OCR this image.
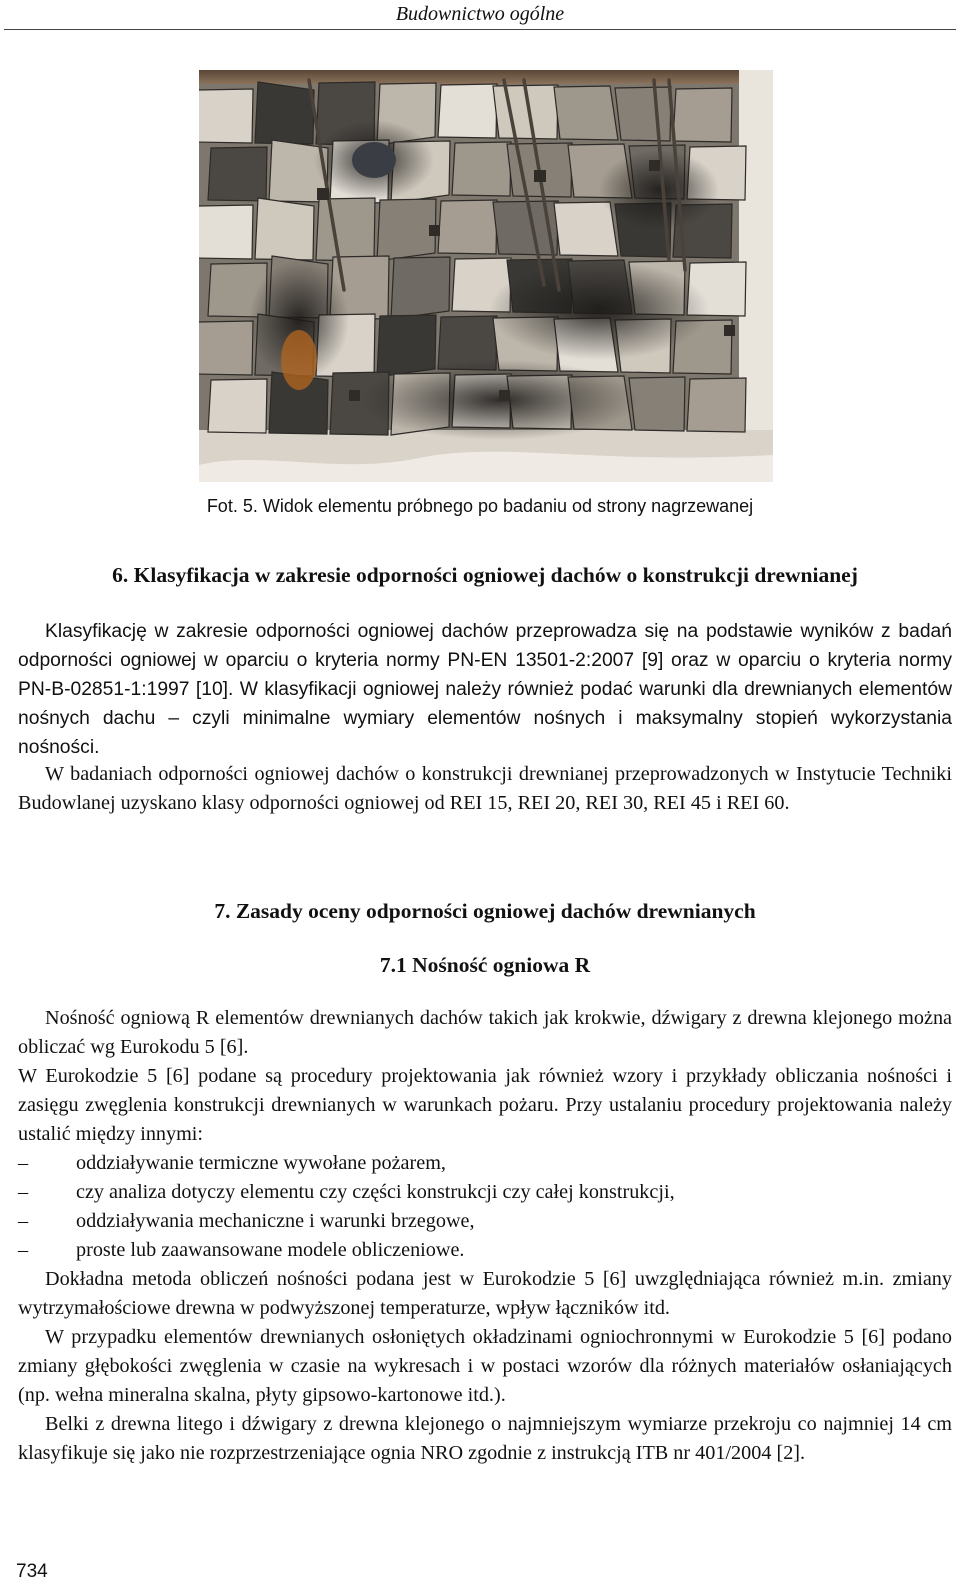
Budownictwo ogólne
Fot. 5. Widok elementu próbnego po badaniu od strony nagrzewanej
6. Klasyfikacja w zakresie odporności ogniowej dachów o konstrukcji drewnianej

Klasyfikację w zakresie odporności ogniowej dachów przeprowadza się na podstawie wyników z badań odporności ogniowej w oparciu o kryteria normy PN-EN 13501-2:2007 [9] oraz w oparciu o kryteria normy PN-B-02851-1:1997 [10]. W klasyfikacji ogniowej należy również podać warunki dla drewnianych elementów nośnych dachu – czyli minimalne wymiary elementów nośnych i maksymalny stopień wykorzystania nośności.

W badaniach odporności ogniowej dachów o konstrukcji drewnianej przeprowadzonych w Instytucie Techniki Budowlanej uzyskano klasy odporności ogniowej od REI 15, REI 20, REI 30, REI 45 i REI 60.

7. Zasady oceny odporności ogniowej dachów drewnianych
7.1 Nośność ogniowa R

Nośność ogniową R elementów drewnianych dachów takich jak krokwie, dźwigary z drewna klejonego można obliczać wg Eurokodu 5 [6].

W Eurokodzie 5 [6] podane są procedury projektowania jak również wzory i przykłady obliczania nośności i zasięgu zwęglenia konstrukcji drewnianych w warunkach pożaru. Przy ustalaniu procedury projektowania należy ustalić między innymi:

– oddziaływanie termiczne wywołane pożarem,
– czy analiza dotyczy elementu czy części konstrukcji czy całej konstrukcji,
– oddziaływania mechaniczne i warunki brzegowe,
– proste lub zaawansowane modele obliczeniowe.

Dokładna metoda obliczeń nośności podana jest w Eurokodzie 5 [6] uwzględniająca również m.in. zmiany wytrzymałościowe drewna w podwyższonej temperaturze, wpływ łączników itd.

W przypadku elementów drewnianych osłoniętych okładzinami ogniochronnymi w Eurokodzie 5 [6] podano zmiany głębokości zwęglenia w czasie na wykresach i w postaci wzorów dla różnych materiałów osłaniających (np. wełna mineralna skalna, płyty gipsowo-kartonowe itd.).

Belki z drewna litego i dźwigary z drewna klejonego o najmniejszym wymiarze przekroju co najmniej 14 cm klasyfikuje się jako nie rozprzestrzeniające ognia NRO zgodnie z instrukcją ITB nr 401/2004 [2].

734
